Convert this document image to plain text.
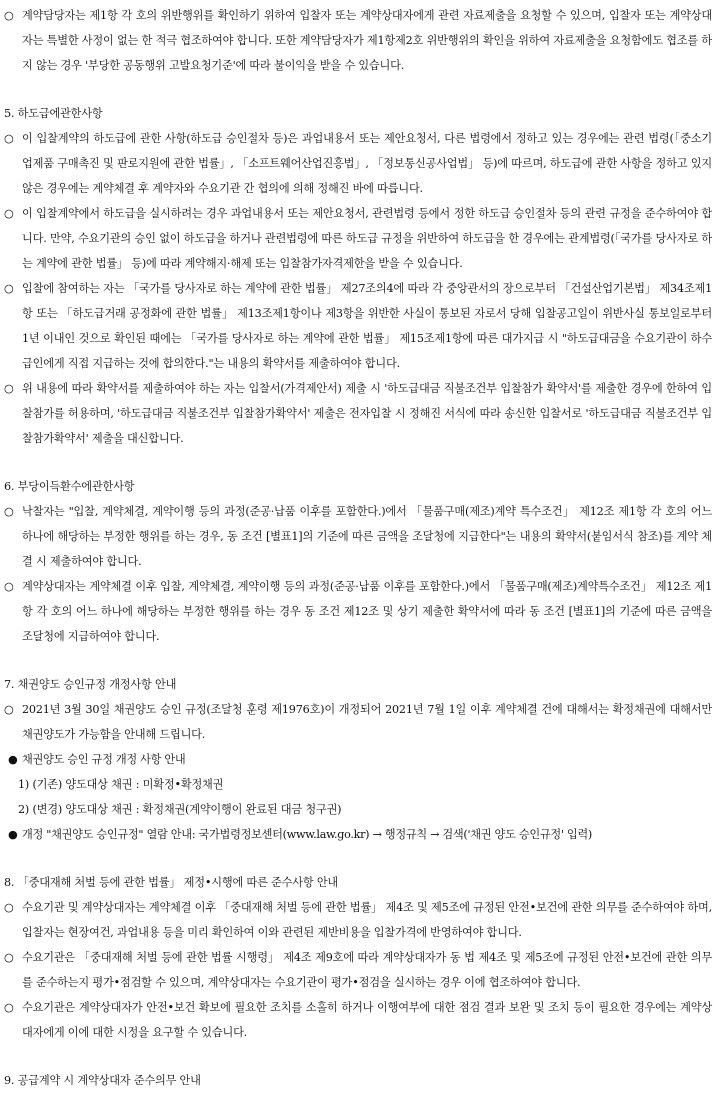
○ 계약담당자는 제1항 각 호의 위반행위를 확인하기 위하여 입찰자 또는 계약상대자에게 관련 자료제출을 요청할 수 있으며, 입찰자 또는 계약상대자는 특별한 사정이 없는 한 적극 협조하여야 합니다. 또한 계약담당자가 제1항제2호 위반행위의 확인을 위하여 자료제출을 요청함에도 협조를 하지 않는 경우 '부당한 공동행위 고발요청기준'에 따라 불이익을 받을 수 있습니다.
5. 하도급에관한사항
○ 이 입찰계약의 하도급에 관한 사항(하도급 승인절차 등)은 과업내용서 또는 제안요청서, 다른 법령에서 정하고 있는 경우에는 관련 법령(「중소기업제품 구매촉진 및 판로지원에 관한 법률」, 「소프트웨어산업진흥법」, 「정보통신공사업법」 등)에 따르며, 하도급에 관한 사항을 정하고 있지 않은 경우에는 계약체결 후 계약자와 수요기관 간 협의에 의해 정해진 바에 따릅니다.
○ 이 입찰계약에서 하도급을 실시하려는 경우 과업내용서 또는 제안요청서, 관련법령 등에서 정한 하도급 승인절차 등의 관련 규정을 준수하여야 합니다. 만약, 수요기관의 승인 없이 하도급을 하거나 관련법령에 따른 하도급 규정을 위반하여 하도급을 한 경우에는 관계법령(「국가를 당사자로 하는 계약에 관한 법률」 등)에 따라 계약해지·해제 또는 입찰참가자격제한을 받을 수 있습니다.
○ 입찰에 참여하는 자는 「국가를 당사자로 하는 계약에 관한 법률」 제27조의4에 따라 각 중앙관서의 장으로부터 「건설산업기본법」 제34조제1항 또는 「하도급거래 공정화에 관한 법률」 제13조제1항이나 제3항을 위반한 사실이 통보된 자로서 당해 입찰공고일이 위반사실 통보일로부터 1년 이내인 것으로 확인된 때에는 「국가를 당사자로 하는 계약에 관한 법률」 제15조제1항에 따른 대가지급 시 "하도급대금을 수요기관이 하수급인에게 직접 지급하는 것에 합의한다."는 내용의 확약서를 제출하여야 합니다.
○ 위 내용에 따라 확약서를 제출하여야 하는 자는 입찰서(가격제안서) 제출 시 '하도급대금 직불조건부 입찰참가 확약서'를 제출한 경우에 한하여 입찰참가를 허용하며, '하도급대금 직불조건부 입찰참가확약서' 제출은 전자입찰 시 정해진 서식에 따라 송신한 입찰서로 '하도급대금 직불조건부 입찰참가확약서' 제출을 대신합니다.
6. 부당이득환수에관한사항
○ 낙찰자는 "입찰, 계약체결, 계약이행 등의 과정(준공·납품 이후를 포함한다.)에서 「물품구매(제조)계약 특수조건」 제12조 제1항 각 호의 어느 하나에 해당하는 부정한 행위를 하는 경우, 동 조건 [별표1]의 기준에 따른 금액을 조달청에 지급한다"는 내용의 확약서(붙임서식 참조)를 계약 체결 시 제출하여야 합니다.
○ 계약상대자는 계약체결 이후 입찰, 계약체결, 계약이행 등의 과정(준공·납품 이후를 포함한다.)에서 「물품구매(제조)계약특수조건」 제12조 제1항 각 호의 어느 하나에 해당하는 부정한 행위를 하는 경우 동 조건 제12조 및 상기 제출한 확약서에 따라 동 조건 [별표1]의 기준에 따른 금액을 조달청에 지급하여야 합니다.
7. 채권양도 승인규정 개정사항 안내
○ 2021년 3월 30일 채권양도 승인 규정(조달청 훈령 제1976호)이 개정되어 2021년 7월 1일 이후 계약체결 건에 대해서는 확정채권에 대해서만 채권양도가 가능함을 안내해 드립니다.
● 채권양도 승인 규정 개정 사항 안내
1) (기존) 양도대상 채권 : 미확정•확정채권
2) (변경) 양도대상 채권 : 확정채권(계약이행이 완료된 대금 청구권)
● 개정 "채권양도 승인규정" 열람 안내: 국가법령정보센터(www.law.go.kr) → 행정규칙 → 검색('채권 양도 승인규정' 입력)
8. 「중대재해 처벌 등에 관한 법률」 제정•시행에 따른 준수사항 안내
○ 수요기관 및 계약상대자는 계약체결 이후 「중대재해 처벌 등에 관한 법률」 제4조 및 제5조에 규정된 안전•보건에 관한 의무를 준수하여야 하며, 입찰자는 현장여건, 과업내용 등을 미리 확인하여 이와 관련된 제반비용을 입찰가격에 반영하여야 합니다.
○ 수요기관은 「중대재해 처벌 등에 관한 법률 시행령」 제4조 제9호에 따라 계약상대자가 동 법 제4조 및 제5조에 규정된 안전•보건에 관한 의무를 준수하는지 평가•점검할 수 있으며, 계약상대자는 수요기관이 평가•점검을 실시하는 경우 이에 협조하여야 합니다.
○ 수요기관은 계약상대자가 안전•보건 확보에 필요한 조치를 소홀히 하거나 이행여부에 대한 점검 결과 보완 및 조치 등이 필요한 경우에는 계약상대자에게 이에 대한 시정을 요구할 수 있습니다.
9. 공급계약 시 계약상대자 준수의무 안내
